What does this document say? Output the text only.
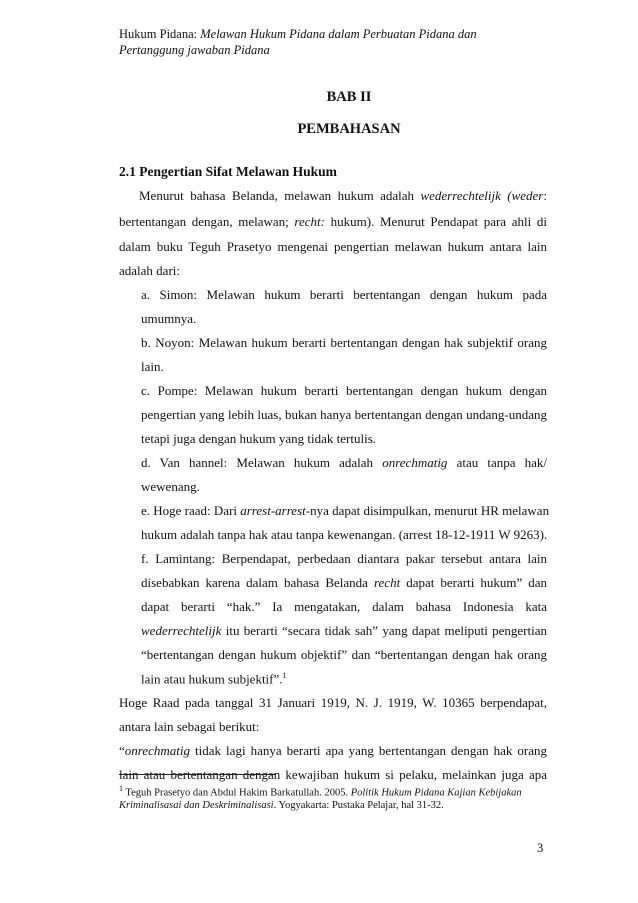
Hukum Pidana: Melawan Hukum Pidana dalam Perbuatan Pidana dan
Pertanggung jawaban Pidana
BAB II
PEMBAHASAN
2.1 Pengertian Sifat Melawan Hukum
Menurut bahasa Belanda, melawan hukum adalah wederrechtelijk (weder:
bertentangan dengan, melawan; recht: hukum). Menurut Pendapat para ahli di
dalam buku Teguh Prasetyo mengenai pengertian melawan hukum antara lain
adalah dari:
a. Simon: Melawan hukum berarti bertentangan dengan hukum pada
umumnya.
b. Noyon: Melawan hukum berarti bertentangan dengan hak subjektif orang
lain.
c. Pompe: Melawan hukum berarti bertentangan dengan hukum dengan
pengertian yang lebih luas, bukan hanya bertentangan dengan undang-undang
tetapi juga dengan hukum yang tidak tertulis.
d. Van hannel: Melawan hukum adalah onrechmatig atau tanpa hak/
wewenang.
e. Hoge raad: Dari arrest-arrest-nya dapat disimpulkan, menurut HR melawan
hukum adalah tanpa hak atau tanpa kewenangan. (arrest 18-12-1911 W 9263).
f. Lamintang: Berpendapat, perbedaan diantara pakar tersebut antara lain
disebabkan karena dalam bahasa Belanda recht dapat berarti hukum” dan
dapat berarti “hak.” Ia mengatakan, dalam bahasa Indonesia kata
wederrechtelijk itu berarti “secara tidak sah” yang dapat meliputi pengertian
“bertentangan dengan hukum objektif” dan “bertentangan dengan hak orang
lain atau hukum subjektif”.$^1$
Hoge Raad pada tanggal 31 Januari 1919, N. J. 1919, W. 10365 berpendapat,
antara lain sebagai berikut:
“onrechmatig tidak lagi hanya berarti apa yang bertentangan dengan hak orang
lain atau bertentangan dengan kewajiban hukum si pelaku, melainkan juga apa
$^1$ Teguh Prasetyo dan Abdul Hakim Barkatullah. 2005. Politik Hukum Pidana Kajian Kebijakan
Kriminalisasai dan Deskriminalisasi. Yogyakarta: Pustaka Pelajar, hal 31-32.
3
